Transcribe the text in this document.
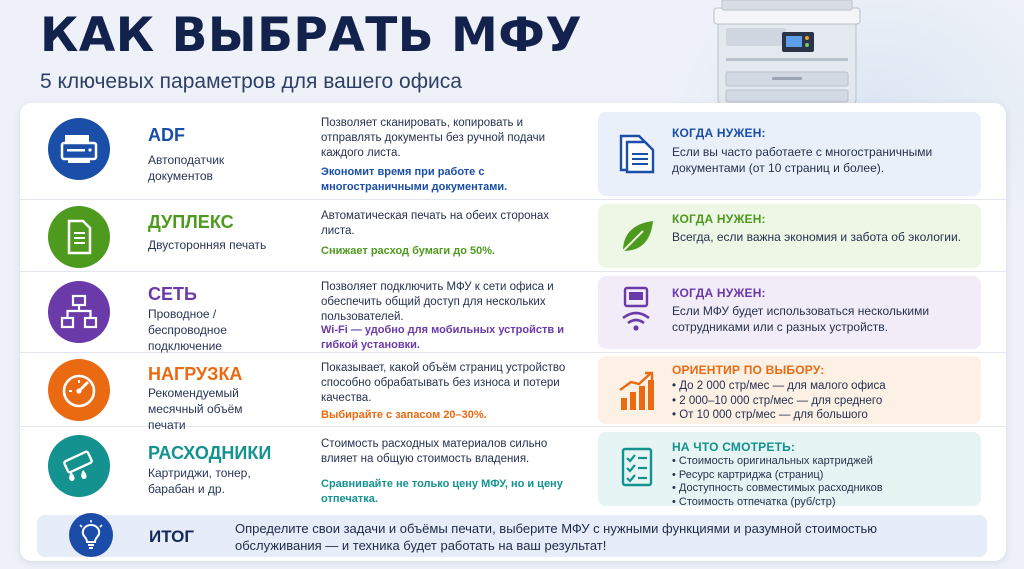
КАК ВЫБРАТЬ МФУ
5 ключевых параметров для вашего офиса
ADF
Автоподатчик документов
Позволяет сканировать, копировать и отправлять документы без ручной подачи каждого листа.
Экономит время при работе с многостраничными документами.
КОГДА НУЖЕН:
Если вы часто работаете с многостраничными документами (от 10 страниц и более).
ДУПЛЕКС
Двусторонняя печать
Автоматическая печать на обеих сторонах листа.
Снижает расход бумаги до 50%.
КОГДА НУЖЕН:
Всегда, если важна экономия и забота об экологии.
СЕТЬ
Проводное / беспроводное подключение
Позволяет подключить МФУ к сети офиса и обеспечить общий доступ для нескольких пользователей.
Wi-Fi — удобно для мобильных устройств и гибкой установки.
КОГДА НУЖЕН:
Если МФУ будет использоваться несколькими сотрудниками или с разных устройств.
НАГРУЗКА
Рекомендуемый месячный объём печати
Показывает, какой объём страниц устройство способно обрабатывать без износа и потери качества.
Выбирайте с запасом 20–30%.
ОРИЕНТИР ПО ВЫБОРУ:
• До 2 000 стр/мес — для малого офиса
• 2 000–10 000 стр/мес — для среднего
• От 10 000 стр/мес — для большого
РАСХОДНИКИ
Картриджи, тонер, барабан и др.
Стоимость расходных материалов сильно влияет на общую стоимость владения.
Сравнивайте не только цену МФУ, но и цену отпечатка.
НА ЧТО СМОТРЕТЬ:
• Стоимость оригинальных картриджей
• Ресурс картриджа (страниц)
• Доступность совместимых расходников
• Стоимость отпечатка (руб/стр)
ИТОГ	Определите свои задачи и объёмы печати, выберите МФУ с нужными функциями и разумной стоимостью обслуживания — и техника будет работать на ваш результат!
